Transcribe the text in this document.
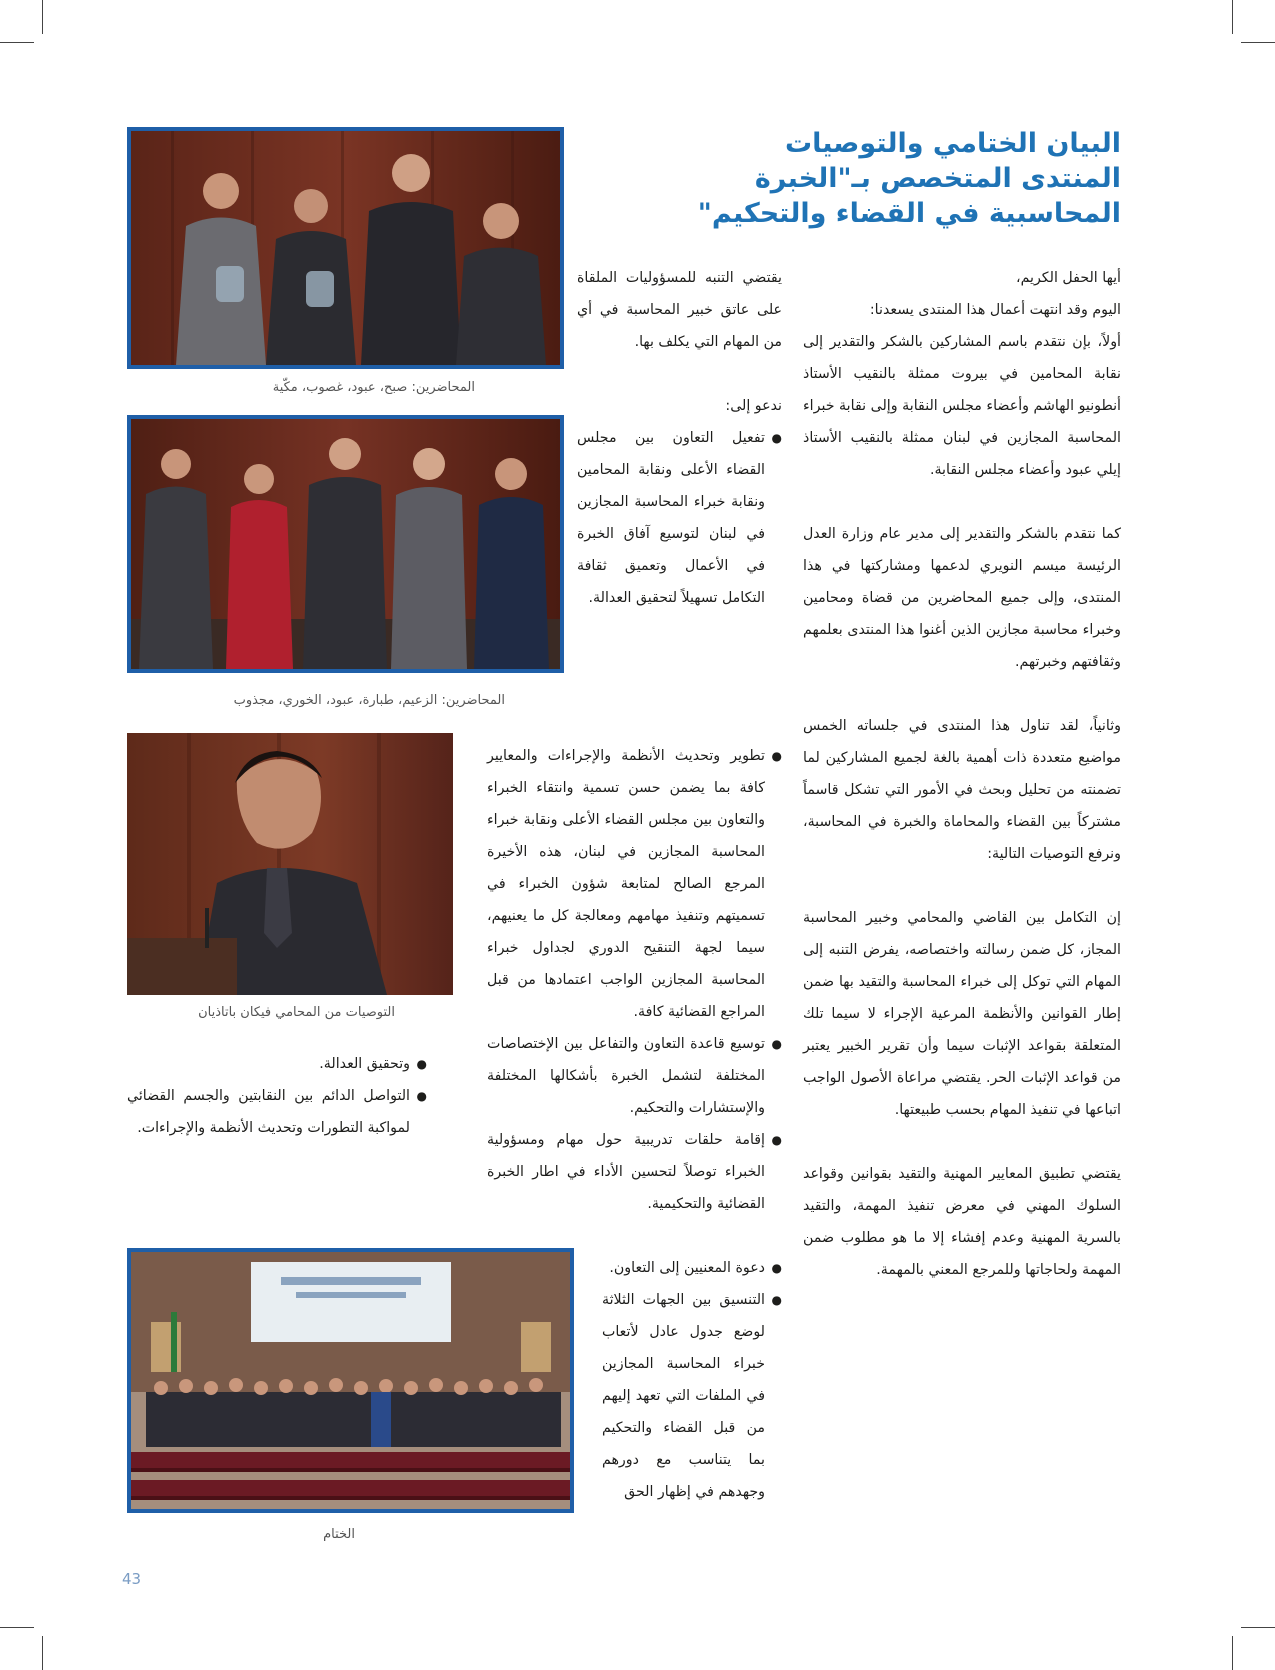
البيان الختامي والتوصيات
المنتدى المتخصص بـ"الخبرة
المحاسبية في القضاء والتحكيم"

أيها الحفل الكريم،

اليوم وقد انتهت أعمال هذا المنتدى يسعدنا:

أولاً، بإن نتقدم باسم المشاركين بالشكر والتقدير إلى نقابة المحامين في بيروت ممثلة بالنقيب الأستاذ أنطونيو الهاشم وأعضاء مجلس النقابة وإلى نقابة خبراء المحاسبة المجازين في لبنان ممثلة بالنقيب الأستاذ إيلي عبود وأعضاء مجلس النقابة.

كما نتقدم بالشكر والتقدير إلى مدير عام وزارة العدل الرئيسة ميسم النويري لدعمها ومشاركتها في هذا المنتدى، وإلى جميع المحاضرين من قضاة ومحامين وخبراء محاسبة مجازين الذين أغنوا هذا المنتدى بعلمهم وثقافتهم وخبرتهم.

وثانياً، لقد تناول هذا المنتدى في جلساته الخمس مواضيع متعددة ذات أهمية بالغة لجميع المشاركين لما تضمنته من تحليل وبحث في الأمور التي تشكل قاسماً مشتركاً بين القضاء والمحاماة والخبرة في المحاسبة، ونرفع التوصيات التالية:

إن التكامل بين القاضي والمحامي وخبير المحاسبة المجاز، كل ضمن رسالته واختصاصه، يفرض التنبه إلى المهام التي توكل إلى خبراء المحاسبة والتقيد بها ضمن إطار القوانين والأنظمة المرعية الإجراء لا سيما تلك المتعلقة بقواعد الإثبات سيما وأن تقرير الخبير يعتبر من قواعد الإثبات الحر. يقتضي مراعاة الأصول الواجب اتباعها في تنفيذ المهام بحسب طبيعتها.

يقتضي تطبيق المعايير المهنية والتقيد بقوانين وقواعد السلوك المهني في معرض تنفيذ المهمة، والتقيد بالسرية المهنية وعدم إفشاء إلا ما هو مطلوب ضمن المهمة ولحاجاتها وللمرجع المعني بالمهمة.

يقتضي التنبه للمسؤوليات الملقاة على عاتق خبير المحاسبة في أي من المهام التي يكلف بها.

ندعو إلى:

● تفعيل التعاون بين مجلس القضاء الأعلى ونقابة المحامين ونقابة خبراء المحاسبة المجازين في لبنان لتوسيع آفاق الخبرة في الأعمال وتعميق ثقافة التكامل تسهيلاً لتحقيق العدالة.
● تطوير وتحديث الأنظمة والإجراءات والمعايير كافة بما يضمن حسن تسمية وانتقاء الخبراء والتعاون بين مجلس القضاء الأعلى ونقابة خبراء المحاسبة المجازين في لبنان، هذه الأخيرة المرجع الصالح لمتابعة شؤون الخبراء في تسميتهم وتنفيذ مهامهم ومعالجة كل ما يعنيهم، سيما لجهة التنقيح الدوري لجداول خبراء المحاسبة المجازين الواجب اعتمادها من قبل المراجع القضائية كافة.
● توسيع قاعدة التعاون والتفاعل بين الإختصاصات المختلفة لتشمل الخبرة بأشكالها المختلفة والإستشارات والتحكيم.
● إقامة حلقات تدريبية حول مهام ومسؤولية الخبراء توصلاً لتحسين الأداء في اطار الخبرة القضائية والتحكيمية.
● دعوة المعنيين إلى التعاون.
● التنسيق بين الجهات الثلاثة لوضع جدول عادل لأتعاب خبراء المحاسبة المجازين في الملفات التي تعهد إليهم من قبل القضاء والتحكيم بما يتناسب مع دورهم وجهدهم في إظهار الحق
● وتحقيق العدالة.
● التواصل الدائم بين النقابتين والجسم القضائي لمواكبة التطورات وتحديث الأنظمة والإجراءات.
المحاضرين: صبح، عبود، غصوب، مكّية
المحاضرين: الزعيم، طبارة، عبود، الخوري، مجذوب
التوصيات من المحامي فيكان باتاذيان
الختام
43
